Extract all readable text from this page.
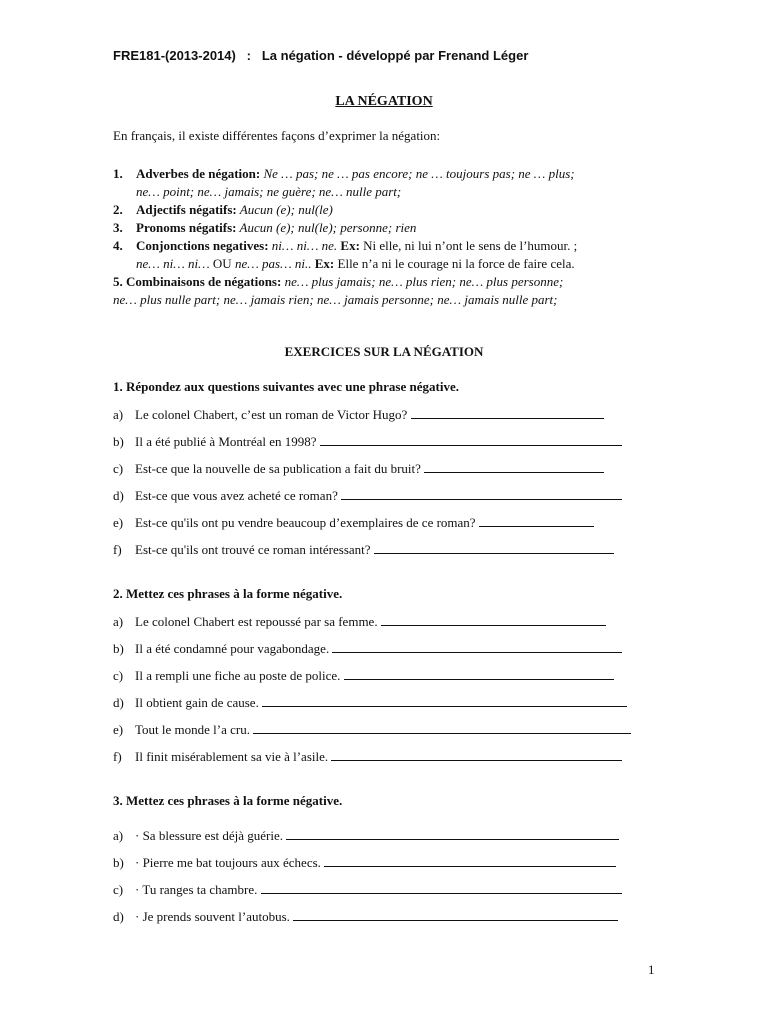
FRE181-(2013-2014)   :   La négation - développé par Frenand Léger
LA NÉGATION
En français, il existe différentes façons d’exprimer la négation:
1. Adverbes de négation: Ne … pas; ne … pas encore; ne … toujours pas; ne … plus;
ne… point; ne… jamais; ne guère; ne… nulle part;
2. Adjectifs négatifs: Aucun (e); nul(le)
3. Pronoms négatifs: Aucun (e); nul(le); personne; rien
4. Conjonctions negatives: ni… ni… ne. Ex: Ni elle, ni lui n’ont le sens de l’humour. ;
ne… ni… ni… OU ne… pas… ni.. Ex: Elle n’a ni le courage ni la force de faire cela.
5. Combinaisons de négations: ne… plus jamais; ne… plus rien; ne… plus personne;
ne… plus nulle part; ne… jamais rien; ne… jamais personne; ne… jamais nulle part;
EXERCICES SUR LA NÉGATION
1. Répondez aux questions suivantes avec une phrase négative.
a) Le colonel Chabert, c’est un roman de Victor Hugo?
b) Il a été publié à Montréal en 1998?
c) Est-ce que la nouvelle de sa publication a fait du bruit?
d) Est-ce que vous avez acheté ce roman?
e) Est-ce qu'ils ont pu vendre beaucoup d’exemplaires de ce roman?
f) Est-ce qu'ils ont trouvé ce roman intéressant?
2. Mettez ces phrases à la forme négative.
a) Le colonel Chabert est repoussé par sa femme.
b) Il a été condamné pour vagabondage.
c) Il a rempli une fiche au poste de police.
d) Il obtient gain de cause.
e) Tout le monde l’a cru.
f) Il finit misérablement sa vie à l’asile.
3. Mettez ces phrases à la forme négative.
a) · Sa blessure est déjà guérie.
b) · Pierre me bat toujours aux échecs.
c) · Tu ranges ta chambre.
d) · Je prends souvent l’autobus.
1
